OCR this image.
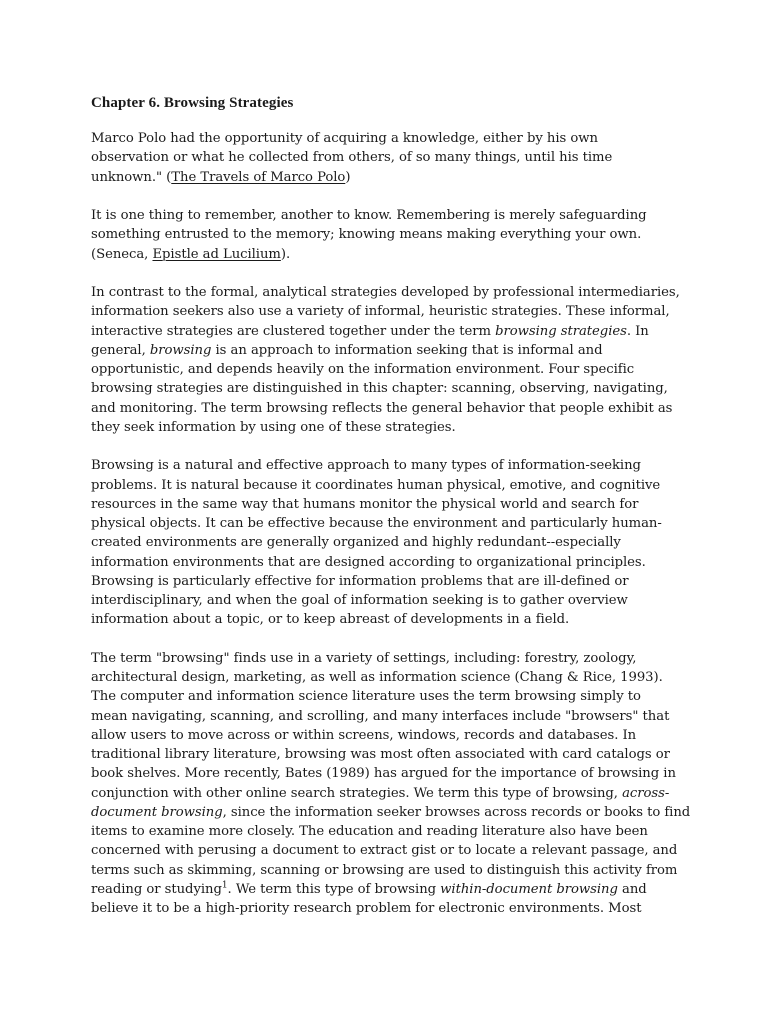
Chapter 6. Browsing Strategies
Marco Polo had the opportunity of acquiring a knowledge, either by his own
observation or what he collected from others, of so many things, until his time
unknown." (The Travels of Marco Polo)
It is one thing to remember, another to know. Remembering is merely safeguarding
something entrusted to the memory; knowing means making everything your own.
(Seneca, Epistle ad Lucilium).
In contrast to the formal, analytical strategies developed by professional intermediaries,
information seekers also use a variety of informal, heuristic strategies. These informal,
interactive strategies are clustered together under the term browsing strategies. In
general, browsing is an approach to information seeking that is informal and
opportunistic, and depends heavily on the information environment. Four specific
browsing strategies are distinguished in this chapter: scanning, observing, navigating,
and monitoring. The term browsing reflects the general behavior that people exhibit as
they seek information by using one of these strategies.
Browsing is a natural and effective approach to many types of information-seeking
problems. It is natural because it coordinates human physical, emotive, and cognitive
resources in the same way that humans monitor the physical world and search for
physical objects. It can be effective because the environment and particularly human-
created environments are generally organized and highly redundant--especially
information environments that are designed according to organizational principles.
Browsing is particularly effective for information problems that are ill-defined or
interdisciplinary, and when the goal of information seeking is to gather overview
information about a topic, or to keep abreast of developments in a field.
The term "browsing" finds use in a variety of settings, including: forestry, zoology,
architectural design, marketing, as well as information science (Chang & Rice, 1993).
The computer and information science literature uses the term browsing simply to
mean navigating, scanning, and scrolling, and many interfaces include "browsers" that
allow users to move across or within screens, windows, records and databases. In
traditional library literature, browsing was most often associated with card catalogs or
book shelves. More recently, Bates (1989) has argued for the importance of browsing in
conjunction with other online search strategies. We term this type of browsing, across-
document browsing, since the information seeker browses across records or books to find
items to examine more closely. The education and reading literature also have been
concerned with perusing a document to extract gist or to locate a relevant passage, and
terms such as skimming, scanning or browsing are used to distinguish this activity from
reading or studying$^1$. We term this type of browsing within-document browsing and
believe it to be a high-priority research problem for electronic environments. Most
